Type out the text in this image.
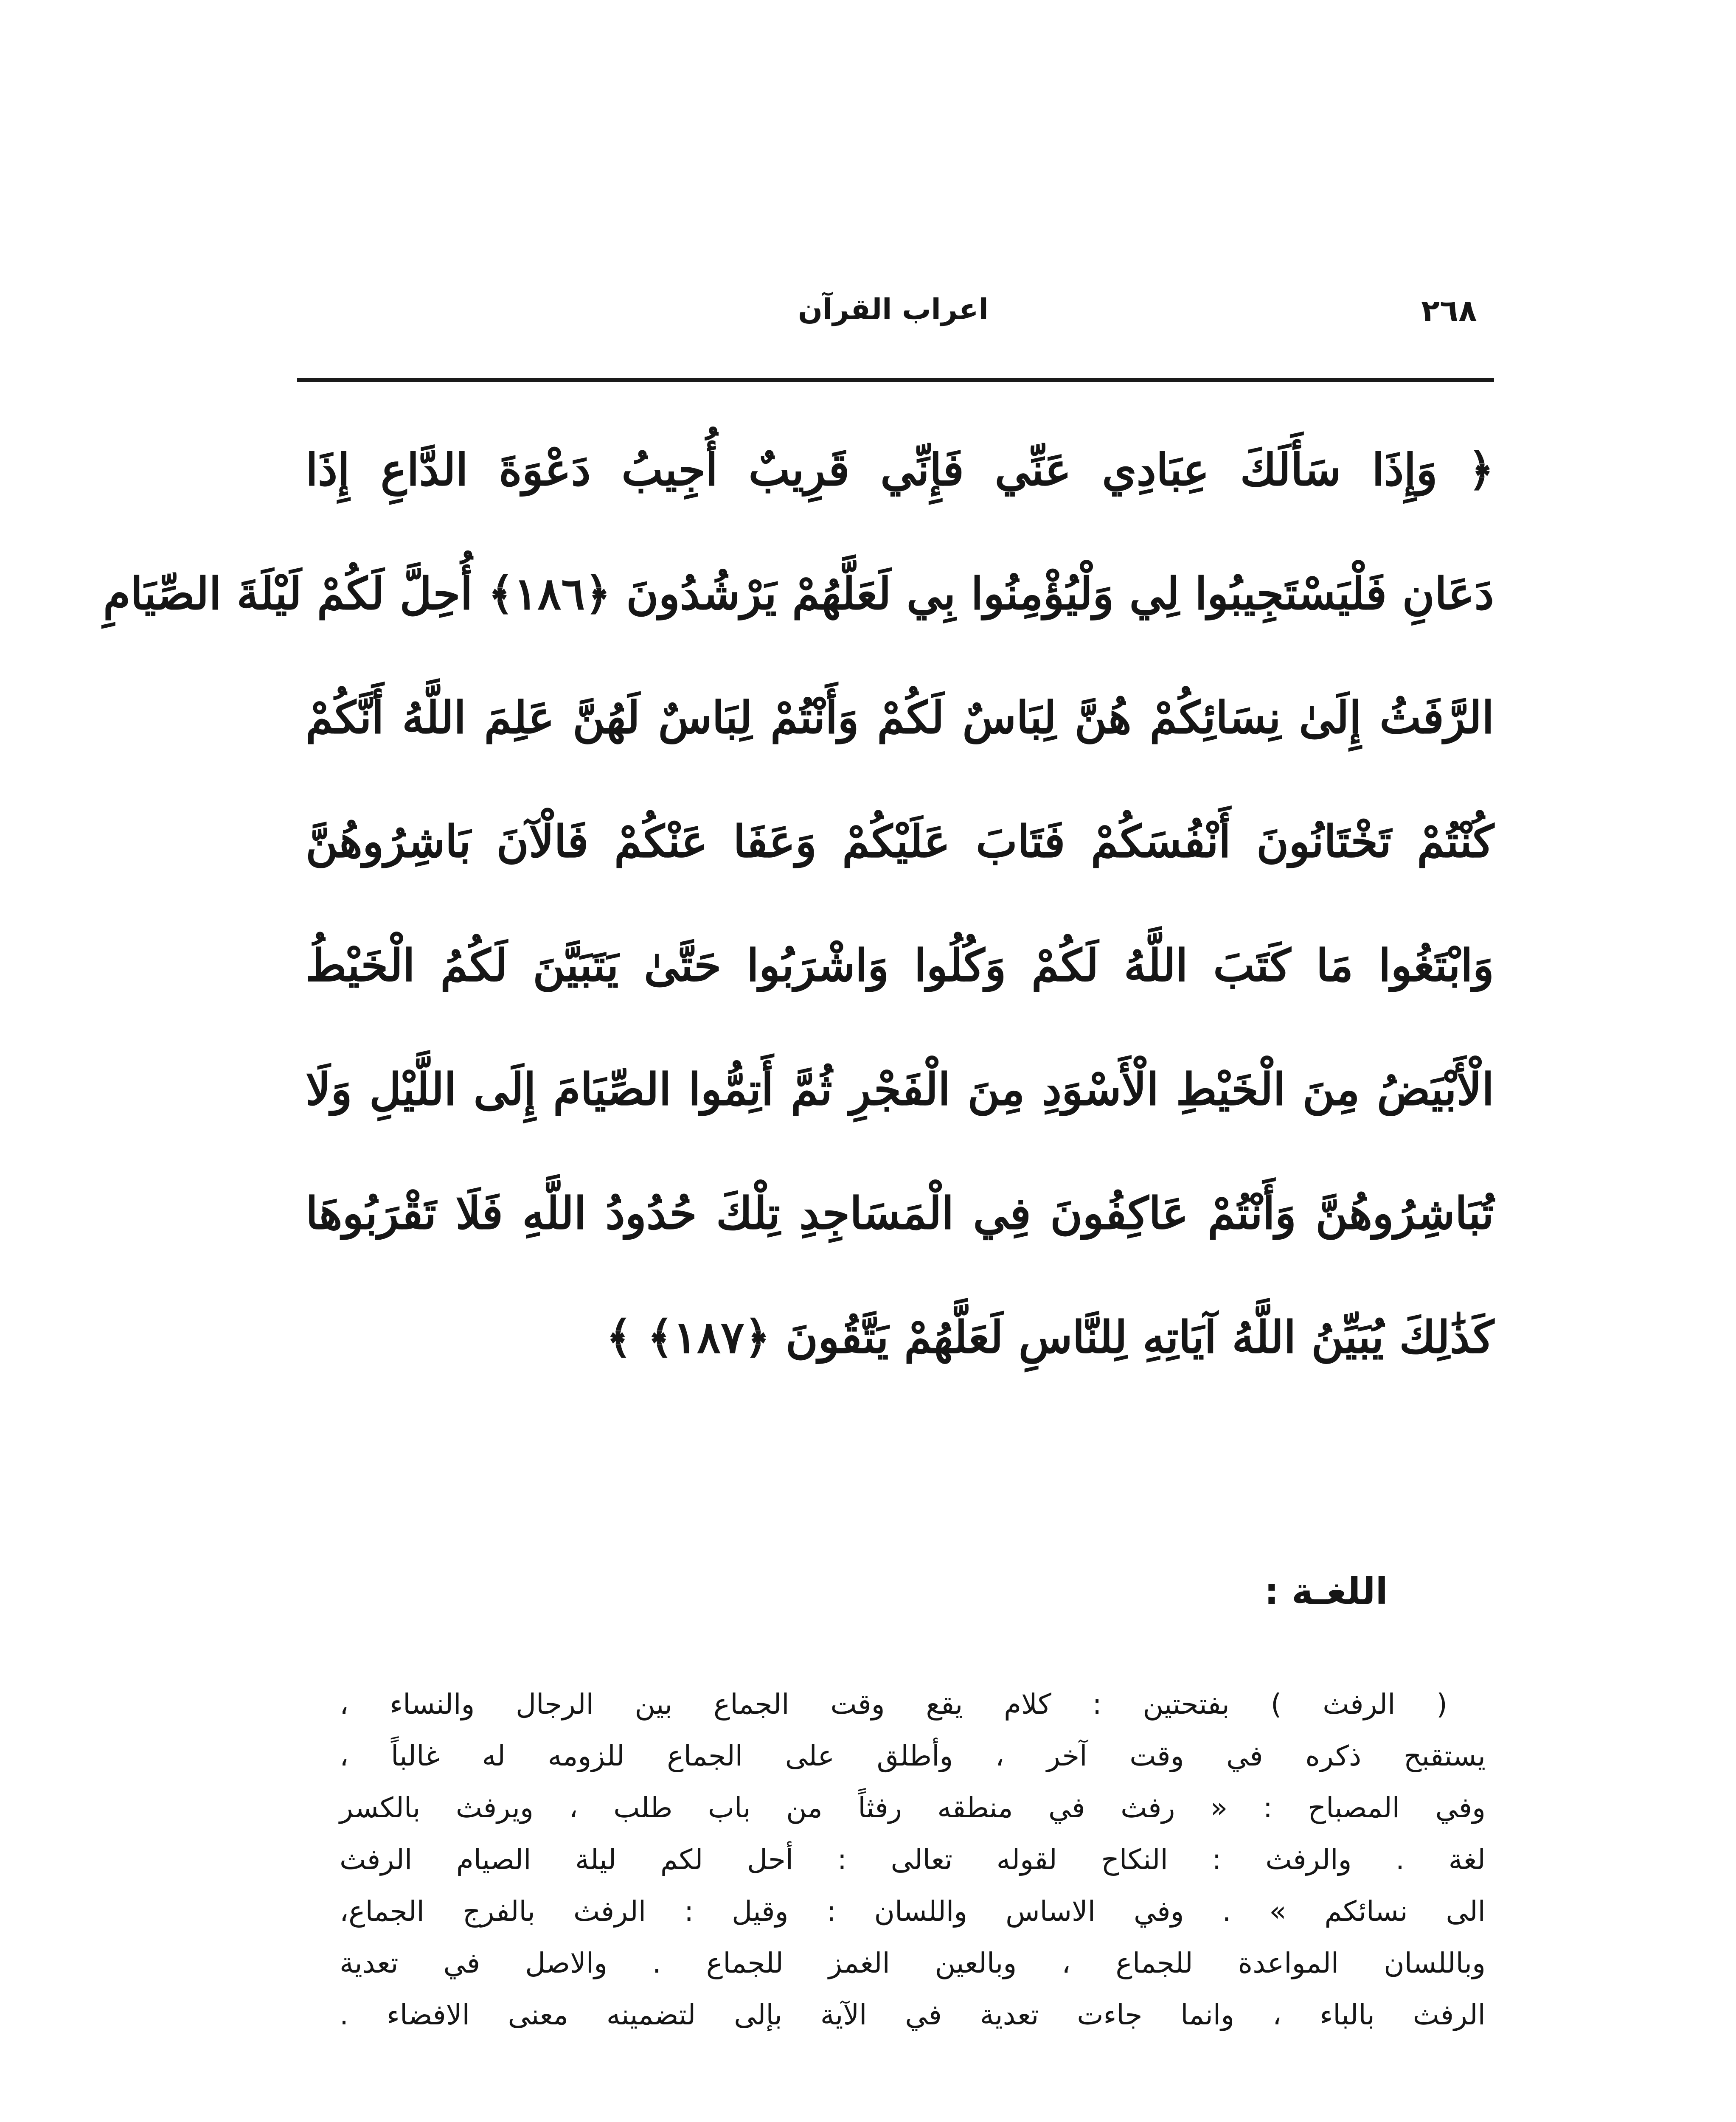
٢٦٨
اعراب القرآن
﴿ وَإِذَا سَأَلَكَ عِبَادِي عَنِّي فَإِنِّي قَرِيبٌ أُجِيبُ دَعْوَةَ الدَّاعِ إِذَا
دَعَانِ فَلْيَسْتَجِيبُوا لِي وَلْيُؤْمِنُوا بِي لَعَلَّهُمْ يَرْشُدُونَ ﴿١٨٦﴾ أُحِلَّ لَكُمْ لَيْلَةَ الصِّيَامِ
الرَّفَثُ إِلَىٰ نِسَائِكُمْ هُنَّ لِبَاسٌ لَكُمْ وَأَنْتُمْ لِبَاسٌ لَهُنَّ عَلِمَ اللَّهُ أَنَّكُمْ
كُنْتُمْ تَخْتَانُونَ أَنْفُسَكُمْ فَتَابَ عَلَيْكُمْ وَعَفَا عَنْكُمْ فَالْآنَ بَاشِرُوهُنَّ
وَابْتَغُوا مَا كَتَبَ اللَّهُ لَكُمْ وَكُلُوا وَاشْرَبُوا حَتَّىٰ يَتَبَيَّنَ لَكُمُ الْخَيْطُ
الْأَبْيَضُ مِنَ الْخَيْطِ الْأَسْوَدِ مِنَ الْفَجْرِ ثُمَّ أَتِمُّوا الصِّيَامَ إِلَى اللَّيْلِ وَلَا
تُبَاشِرُوهُنَّ وَأَنْتُمْ عَاكِفُونَ فِي الْمَسَاجِدِ تِلْكَ حُدُودُ اللَّهِ فَلَا تَقْرَبُوهَا
كَذَٰلِكَ يُبَيِّنُ اللَّهُ آيَاتِهِ لِلنَّاسِ لَعَلَّهُمْ يَتَّقُونَ ﴿١٨٧﴾ ﴾
اللغـة :
( الرفث ) بفتحتين : كلام يقع وقت الجماع بين الرجال والنساء ،
يستقبح ذكره في وقت آخر ، وأطلق على الجماع للزومه له غالباً ،
وفي المصباح : « رفث في منطقه رفثاً من باب طلب ، ويرفث بالكسر
لغة . والرفث : النكاح لقوله تعالى : أحل لكم ليلة الصيام الرفث
الى نسائكم » . وفي الاساس واللسان : وقيل : الرفث بالفرج الجماع،
وباللسان المواعدة للجماع ، وبالعين الغمز للجماع . والاصل في تعدية
الرفث بالباء ، وانما جاءت تعدية في الآية بإلى لتضمينه معنى الافضاء .
